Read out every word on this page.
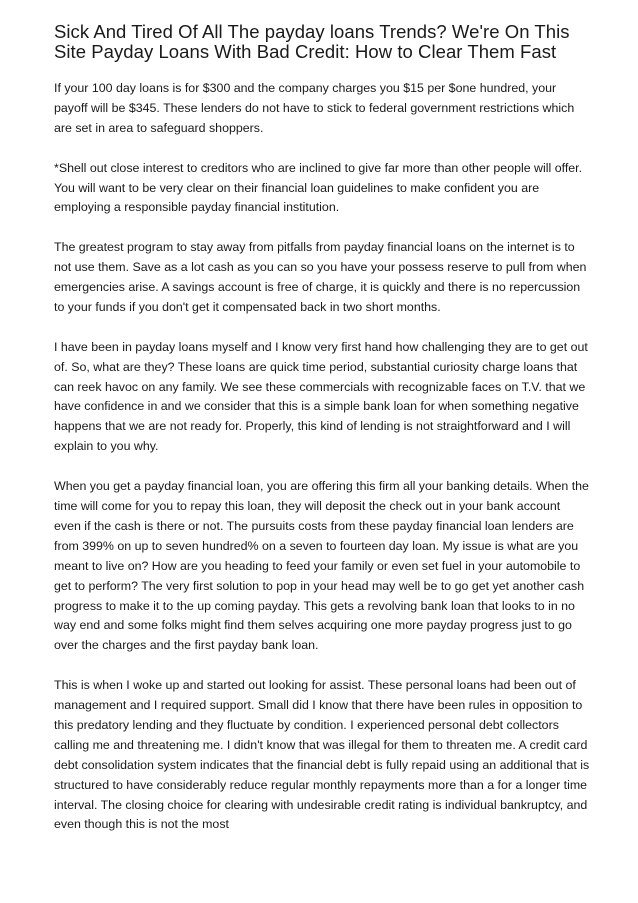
Sick And Tired Of All The payday loans Trends? We're On This Site Payday Loans With Bad Credit: How to Clear Them Fast

If your 100 day loans is for $300 and the company charges you $15 per $one hundred, your payoff will be $345. These lenders do not have to stick to federal government restrictions which are set in area to safeguard shoppers.

*Shell out close interest to creditors who are inclined to give far more than other people will offer. You will want to be very clear on their financial loan guidelines to make confident you are employing a responsible payday financial institution.

The greatest program to stay away from pitfalls from payday financial loans on the internet is to not use them. Save as a lot cash as you can so you have your possess reserve to pull from when emergencies arise. A savings account is free of charge, it is quickly and there is no repercussion to your funds if you don't get it compensated back in two short months.

I have been in payday loans myself and I know very first hand how challenging they are to get out of. So, what are they? These loans are quick time period, substantial curiosity charge loans that can reek havoc on any family. We see these commercials with recognizable faces on T.V. that we have confidence in and we consider that this is a simple bank loan for when something negative happens that we are not ready for. Properly, this kind of lending is not straightforward and I will explain to you why.

When you get a payday financial loan, you are offering this firm all your banking details. When the time will come for you to repay this loan, they will deposit the check out in your bank account even if the cash is there or not. The pursuits costs from these payday financial loan lenders are from 399% on up to seven hundred% on a seven to fourteen day loan. My issue is what are you meant to live on? How are you heading to feed your family or even set fuel in your automobile to get to perform? The very first solution to pop in your head may well be to go get yet another cash progress to make it to the up coming payday. This gets a revolving bank loan that looks to in no way end and some folks might find them selves acquiring one more payday progress just to go over the charges and the first payday bank loan.

This is when I woke up and started out looking for assist. These personal loans had been out of management and I required support. Small did I know that there have been rules in opposition to this predatory lending and they fluctuate by condition. I experienced personal debt collectors calling me and threatening me. I didn't know that was illegal for them to threaten me. A credit card debt consolidation system indicates that the financial debt is fully repaid using an additional that is structured to have considerably reduce regular monthly repayments more than a for a longer time interval. The closing choice for clearing with undesirable credit rating is individual bankruptcy, and even though this is not the most
